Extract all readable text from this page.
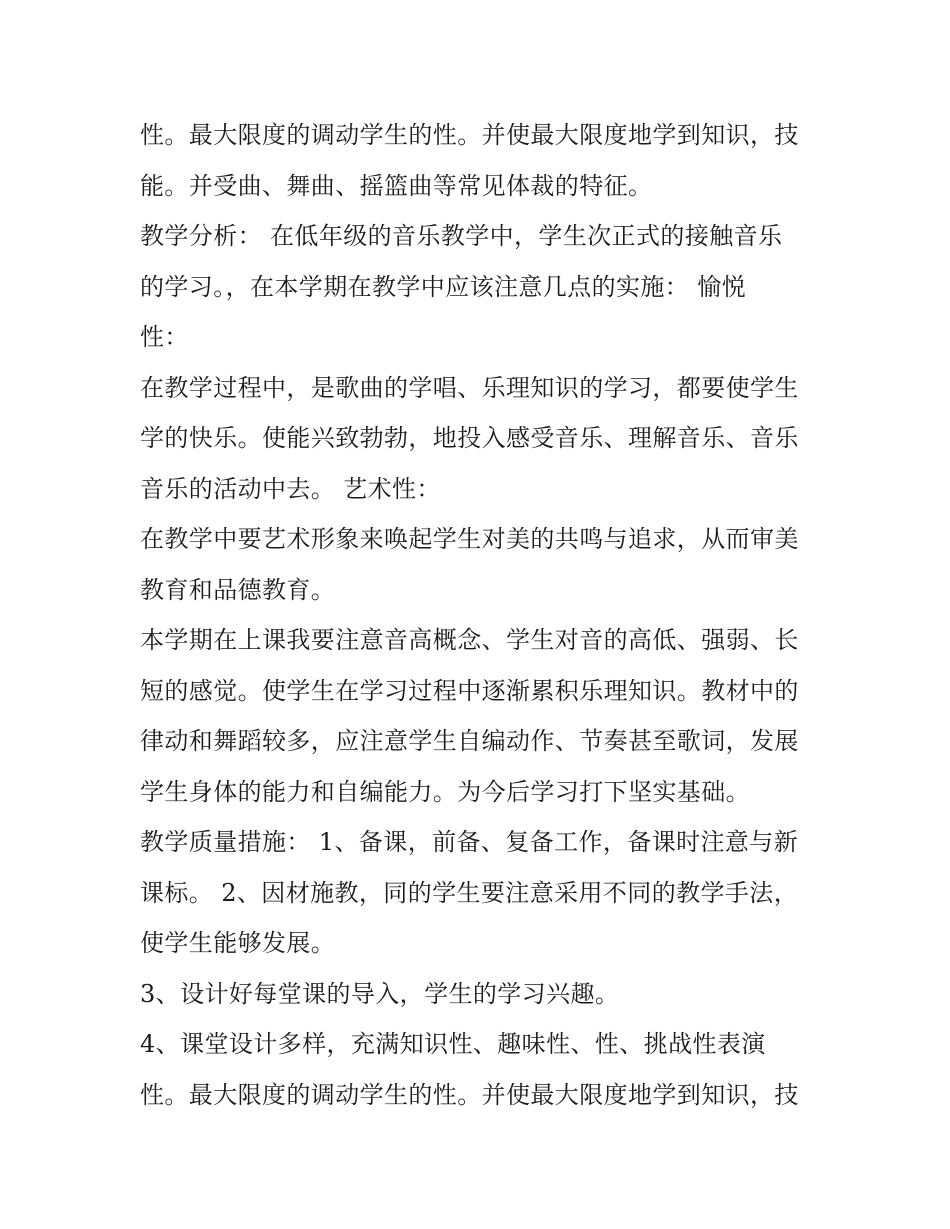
性。最大限度的调动学生的性。并使最大限度地学到知识，技
能。并受曲、舞曲、摇篮曲等常见体裁的特征。
教学分析： 在低年级的音乐教学中，学生次正式的接触音乐
的学习。，在本学期在教学中应该注意几点的实施： 愉悦
性：
在教学过程中，是歌曲的学唱、乐理知识的学习，都要使学生
学的快乐。使能兴致勃勃，地投入感受音乐、理解音乐、音乐
音乐的活动中去。 艺术性：
在教学中要艺术形象来唤起学生对美的共鸣与追求，从而审美
教育和品德教育。
本学期在上课我要注意音高概念、学生对音的高低、强弱、长
短的感觉。使学生在学习过程中逐渐累积乐理知识。教材中的
律动和舞蹈较多，应注意学生自编动作、节奏甚至歌词，发展
学生身体的能力和自编能力。为今后学习打下坚实基础。
教学质量措施： 1、备课，前备、复备工作，备课时注意与新
课标。 2、因材施教，同的学生要注意采用不同的教学手法，
使学生能够发展。
3、设计好每堂课的导入，学生的学习兴趣。
4、课堂设计多样，充满知识性、趣味性、性、挑战性表演
性。最大限度的调动学生的性。并使最大限度地学到知识，技
